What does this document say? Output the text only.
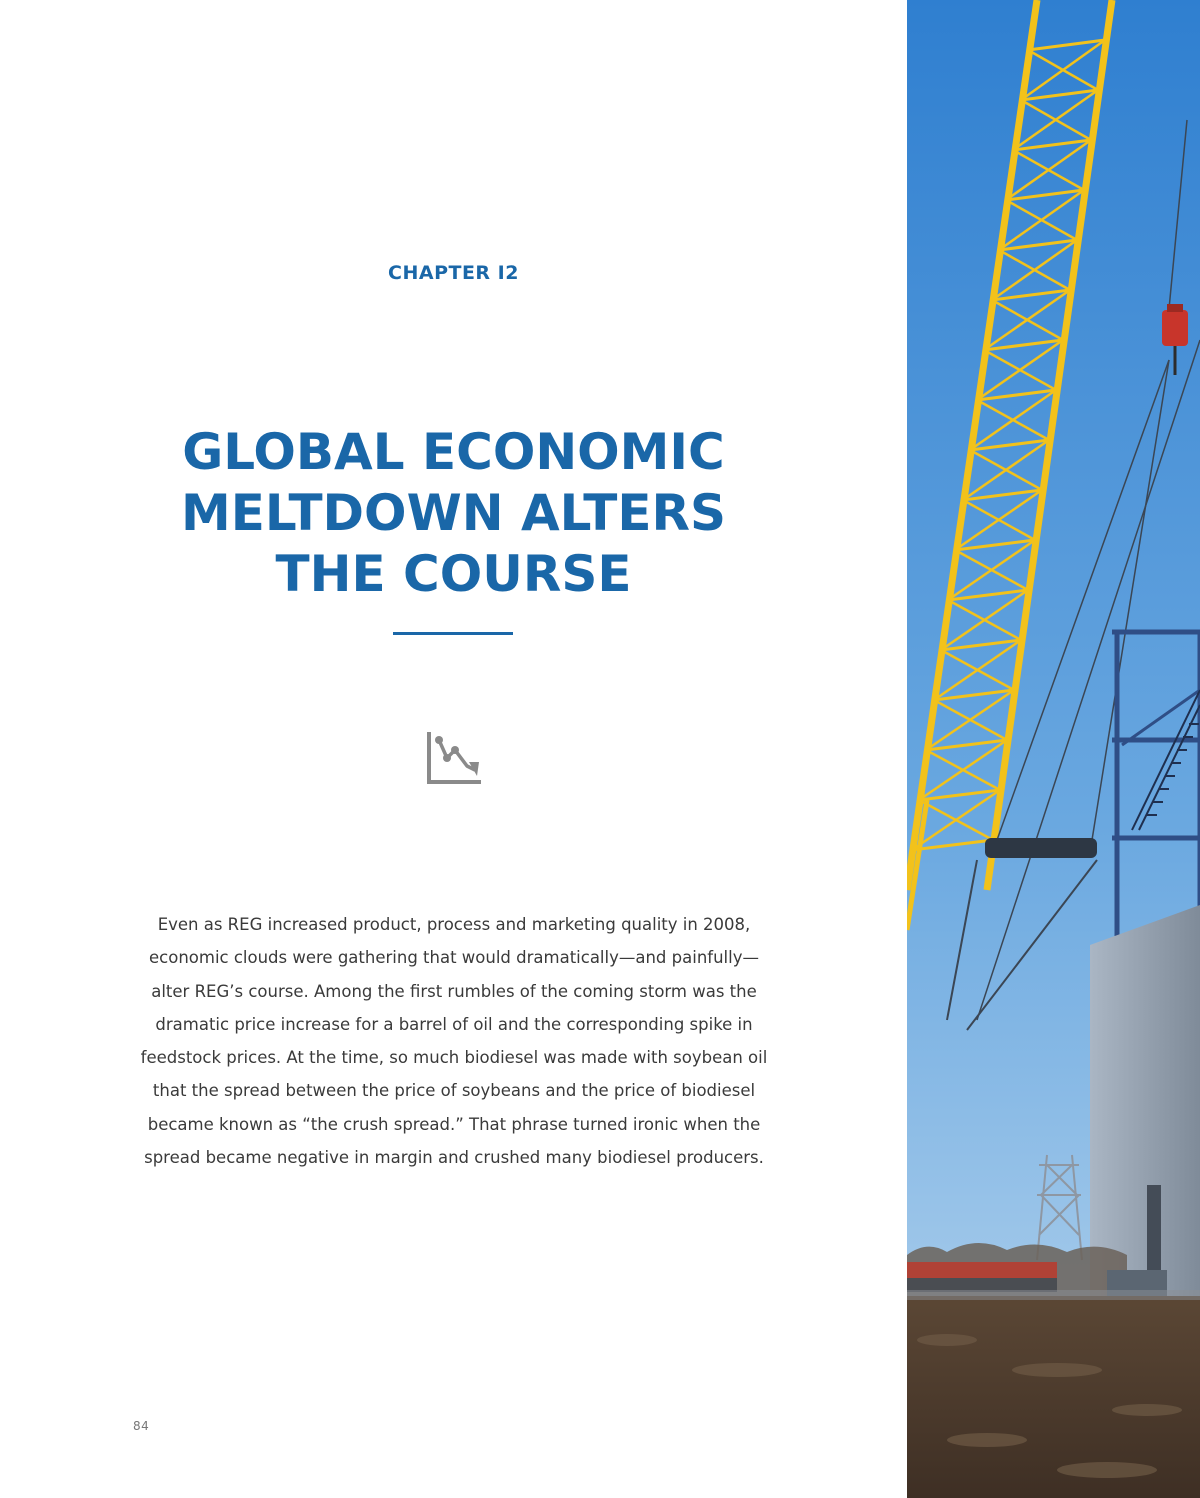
CHAPTER I2
GLOBAL ECONOMIC
MELTDOWN ALTERS
THE COURSE

Even as REG increased product, process and marketing quality in 2008, economic clouds were gathering that would dramatically—and painfully—alter REG’s course. Among the first rumbles of the coming storm was the dramatic price increase for a barrel of oil and the corresponding spike in feedstock prices. At the time, so much biodiesel was made with soybean oil that the spread between the price of soybeans and the price of biodiesel became known as “the crush spread.” That phrase turned ironic when the spread became negative in margin and crushed many biodiesel producers.

84
